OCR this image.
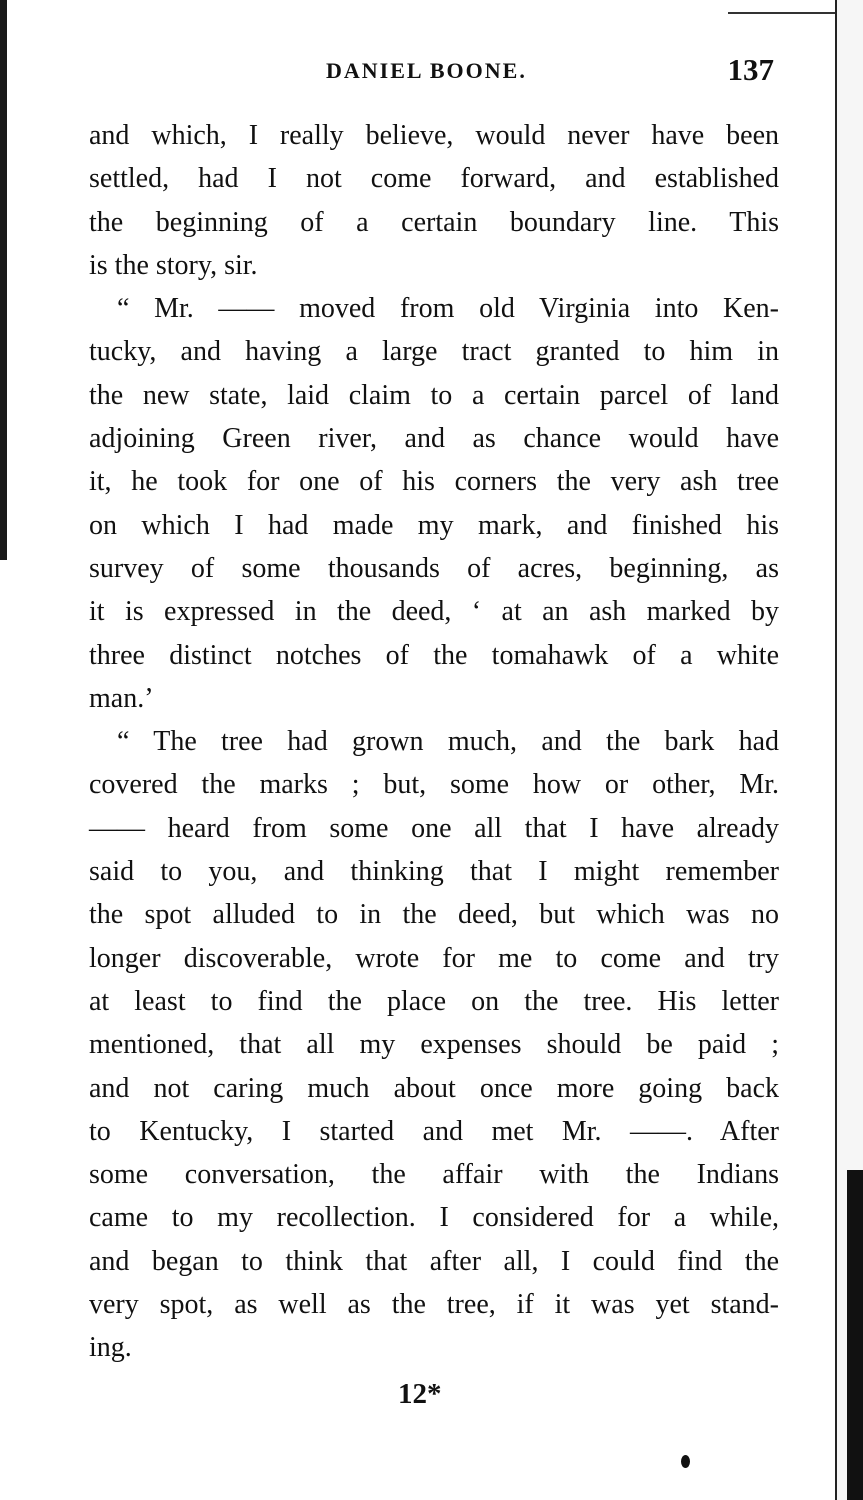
DANIEL BOONE.	137
and which, I really believe, would never have been
settled, had I not come forward, and established
the beginning of a certain boundary line. This
is the story, sir.
“ Mr. —— moved from old Virginia into Ken-
tucky, and having a large tract granted to him in
the new state, laid claim to a certain parcel of land
adjoining Green river, and as chance would have
it, he took for one of his corners the very ash tree
on which I had made my mark, and finished his
survey of some thousands of acres, beginning, as
it is expressed in the deed, ‘ at an ash marked by
three distinct notches of the tomahawk of a white
man.’
“ The tree had grown much, and the bark had
covered the marks ; but, some how or other, Mr.
—— heard from some one all that I have already
said to you, and thinking that I might remember
the spot alluded to in the deed, but which was no
longer discoverable, wrote for me to come and try
at least to find the place on the tree. His letter
mentioned, that all my expenses should be paid ;
and not caring much about once more going back
to Kentucky, I started and met Mr. ——. After
some conversation, the affair with the Indians
came to my recollection. I considered for a while,
and began to think that after all, I could find the
very spot, as well as the tree, if it was yet stand-
ing.
12*
